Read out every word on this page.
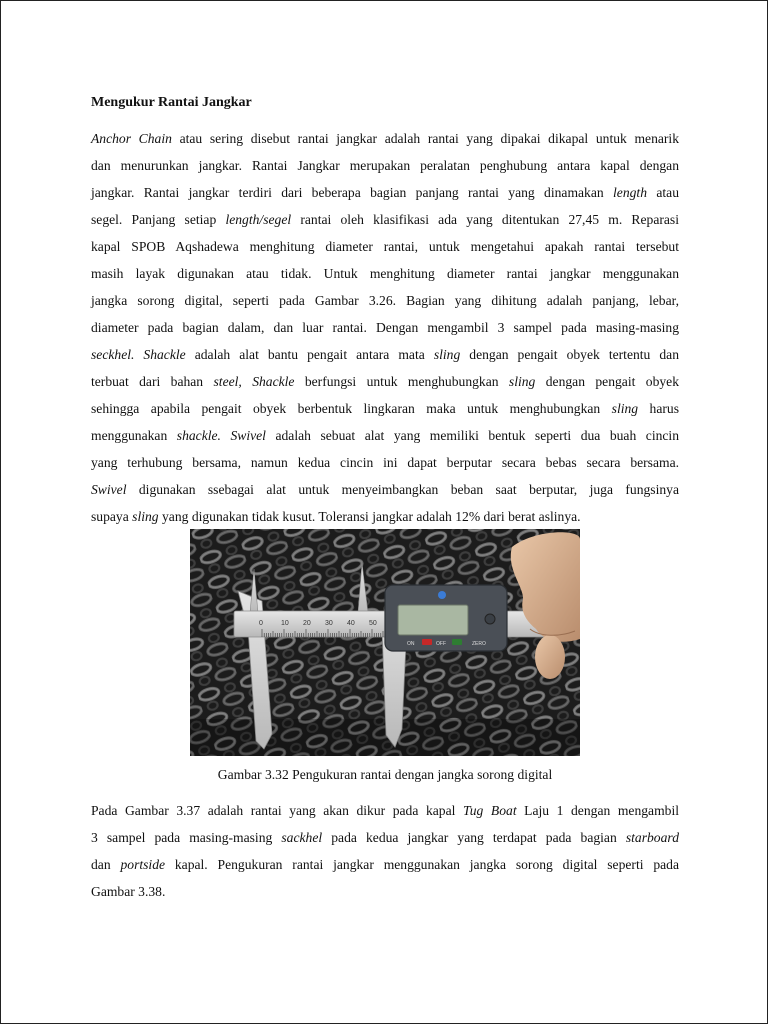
Mengukur Rantai Jangkar
Anchor Chain atau sering disebut rantai jangkar adalah rantai yang dipakai dikapal untuk menarik
dan menurunkan jangkar. Rantai Jangkar merupakan peralatan penghubung antara kapal dengan
jangkar. Rantai jangkar terdiri dari beberapa bagian panjang rantai yang dinamakan length atau
segel. Panjang setiap length/segel rantai oleh klasifikasi ada yang ditentukan 27,45 m. Reparasi
kapal SPOB Aqshadewa menghitung diameter rantai, untuk mengetahui apakah rantai tersebut
masih layak digunakan atau tidak. Untuk menghitung diameter rantai jangkar menggunakan
jangka sorong digital, seperti pada Gambar 3.26. Bagian yang dihitung adalah panjang, lebar,
diameter pada bagian dalam, dan luar rantai. Dengan mengambil 3 sampel pada masing-masing
seckhel. Shackle adalah alat bantu pengait antara mata sling dengan pengait obyek tertentu dan
terbuat dari bahan steel, Shackle berfungsi untuk menghubungkan sling dengan pengait obyek
sehingga apabila pengait obyek berbentuk lingkaran maka untuk menghubungkan sling harus
menggunakan shackle. Swivel adalah sebuat alat yang memiliki bentuk seperti dua buah cincin
yang terhubung bersama, namun kedua cincin ini dapat berputar secara bebas secara bersama.
Swivel digunakan ssebagai alat untuk menyeimbangkan beban saat berputar, juga fungsinya
supaya sling yang digunakan tidak kusut. Toleransi jangkar adalah 12% dari berat aslinya.
0	10 20 30 40 50
ON	OFF	ZERO
Gambar 3.32 Pengukuran rantai dengan jangka sorong digital
Pada Gambar 3.37 adalah rantai yang akan dikur pada kapal Tug Boat Laju 1 dengan mengambil
3 sampel pada masing-masing sackhel pada kedua jangkar yang terdapat pada bagian starboard
dan portside kapal. Pengukuran rantai jangkar menggunakan jangka sorong digital seperti pada
Gambar 3.38.
